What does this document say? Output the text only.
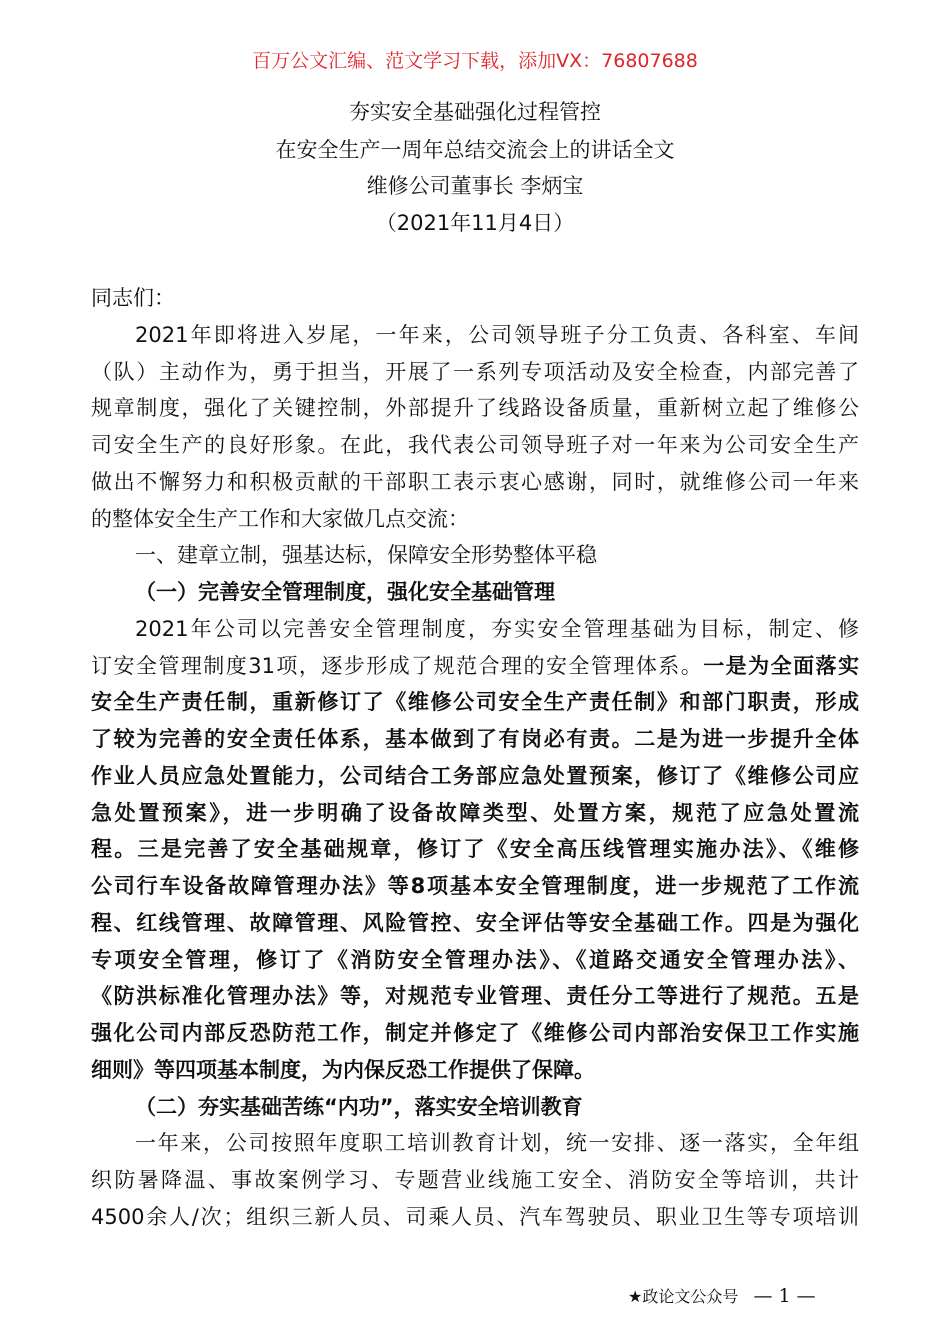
百万公文汇编、范文学习下载，添加VX：76807688
夯实安全基础强化过程管控
在安全生产一周年总结交流会上的讲话全文
维修公司董事长 李炳宝
（2021年11月4日）
同志们：
2021年即将进入岁尾，一年来，公司领导班子分工负责、各科室、车间
（队）主动作为，勇于担当，开展了一系列专项活动及安全检查，内部完善了
规章制度，强化了关键控制，外部提升了线路设备质量，重新树立起了维修公
司安全生产的良好形象。在此，我代表公司领导班子对一年来为公司安全生产
做出不懈努力和积极贡献的干部职工表示衷心感谢，同时，就维修公司一年来
的整体安全生产工作和大家做几点交流：
一、建章立制，强基达标，保障安全形势整体平稳
（一）完善安全管理制度，强化安全基础管理
2021年公司以完善安全管理制度，夯实安全管理基础为目标，制定、修
订安全管理制度31项，逐步形成了规范合理的安全管理体系。一是为全面落实
安全生产责任制，重新修订了《维修公司安全生产责任制》和部门职责，形成
了较为完善的安全责任体系，基本做到了有岗必有责。二是为进一步提升全体
作业人员应急处置能力，公司结合工务部应急处置预案，修订了《维修公司应
急处置预案》，进一步明确了设备故障类型、处置方案，规范了应急处置流
程。三是完善了安全基础规章，修订了《安全高压线管理实施办法》、《维修
公司行车设备故障管理办法》等8项基本安全管理制度，进一步规范了工作流
程、红线管理、故障管理、风险管控、安全评估等安全基础工作。四是为强化
专项安全管理，修订了《消防安全管理办法》、《道路交通安全管理办法》、
《防洪标准化管理办法》等，对规范专业管理、责任分工等进行了规范。五是
强化公司内部反恐防范工作，制定并修定了《维修公司内部治安保卫工作实施
细则》等四项基本制度，为内保反恐工作提供了保障。
（二）夯实基础苦练“内功”，落实安全培训教育
一年来，公司按照年度职工培训教育计划，统一安排、逐一落实，全年组
织防暑降温、事故案例学习、专题营业线施工安全、消防安全等培训，共计
4500余人/次；组织三新人员、司乘人员、汽车驾驶员、职业卫生等专项培训
★政论文公众号 — 1 —
